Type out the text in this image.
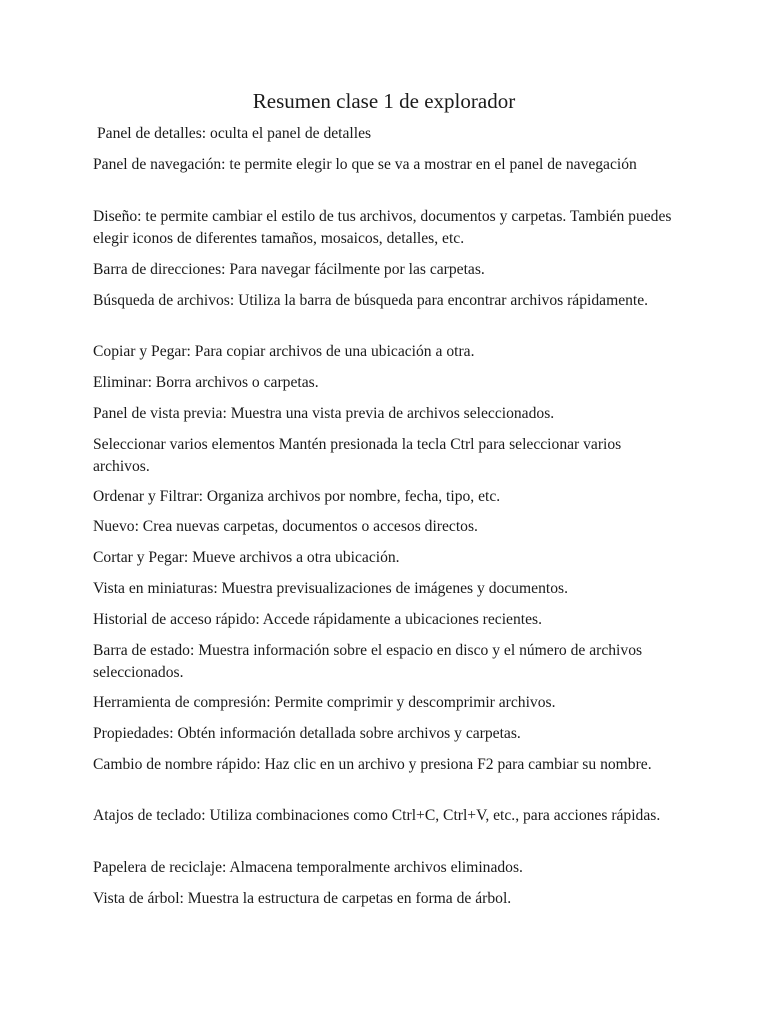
Resumen clase 1 de explorador

Panel de detalles: oculta el panel de detalles

Panel de navegación: te permite elegir lo que se va a mostrar en el panel de navegación

Diseño: te permite cambiar el estilo de tus archivos, documentos y carpetas. También puedes elegir iconos de diferentes tamaños, mosaicos, detalles, etc.

Barra de direcciones: Para navegar fácilmente por las carpetas.

Búsqueda de archivos: Utiliza la barra de búsqueda para encontrar archivos rápidamente.

Copiar y Pegar: Para copiar archivos de una ubicación a otra.

Eliminar: Borra archivos o carpetas.

Panel de vista previa: Muestra una vista previa de archivos seleccionados.

Seleccionar varios elementos Mantén presionada la tecla Ctrl para seleccionar varios archivos.

Ordenar y Filtrar: Organiza archivos por nombre, fecha, tipo, etc.

Nuevo: Crea nuevas carpetas, documentos o accesos directos.

Cortar y Pegar: Mueve archivos a otra ubicación.

Vista en miniaturas: Muestra previsualizaciones de imágenes y documentos.

Historial de acceso rápido: Accede rápidamente a ubicaciones recientes.

Barra de estado: Muestra información sobre el espacio en disco y el número de archivos seleccionados.

Herramienta de compresión: Permite comprimir y descomprimir archivos.

Propiedades: Obtén información detallada sobre archivos y carpetas.

Cambio de nombre rápido: Haz clic en un archivo y presiona F2 para cambiar su nombre.

Atajos de teclado: Utiliza combinaciones como Ctrl+C, Ctrl+V, etc., para acciones rápidas.

Papelera de reciclaje: Almacena temporalmente archivos eliminados.

Vista de árbol: Muestra la estructura de carpetas en forma de árbol.
